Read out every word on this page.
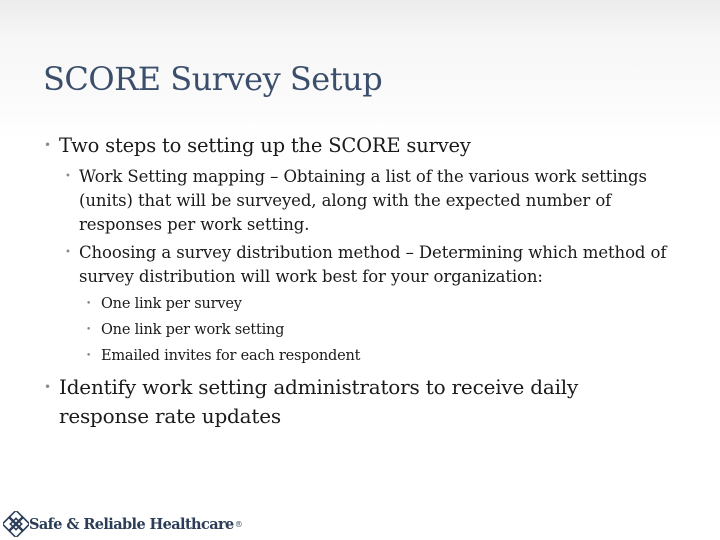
SCORE Survey Setup
• Two steps to setting up the SCORE survey
• Work Setting mapping – Obtaining a list of the various work settings (units) that will be surveyed, along with the expected number of responses per work setting.
• Choosing a survey distribution method – Determining which method of survey distribution will work best for your organization:
• One link per survey
• One link per work setting
• Emailed invites for each respondent
• Identify work setting administrators to receive daily response rate updates
Safe & Reliable Healthcare ®
